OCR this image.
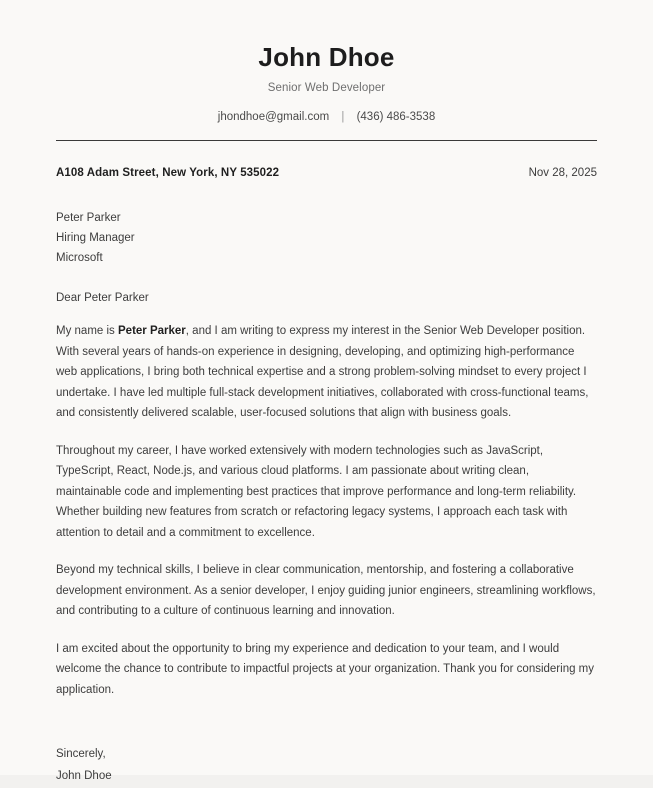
John Dhoe
Senior Web Developer
jhondhoe@gmail.com | (436) 486-3538
A108 Adam Street, New York, NY 535022	Nov 28, 2025
Peter Parker
Hiring Manager
Microsoft
Dear Peter Parker

My name is Peter Parker, and I am writing to express my interest in the Senior Web Developer position. With several years of hands-on experience in designing, developing, and optimizing high-performance web applications, I bring both technical expertise and a strong problem-solving mindset to every project I undertake. I have led multiple full-stack development initiatives, collaborated with cross-functional teams, and consistently delivered scalable, user-focused solutions that align with business goals.

Throughout my career, I have worked extensively with modern technologies such as JavaScript, TypeScript, React, Node.js, and various cloud platforms. I am passionate about writing clean, maintainable code and implementing best practices that improve performance and long-term reliability. Whether building new features from scratch or refactoring legacy systems, I approach each task with attention to detail and a commitment to excellence.

Beyond my technical skills, I believe in clear communication, mentorship, and fostering a collaborative development environment. As a senior developer, I enjoy guiding junior engineers, streamlining workflows, and contributing to a culture of continuous learning and innovation.

I am excited about the opportunity to bring my experience and dedication to your team, and I would welcome the chance to contribute to impactful projects at your organization. Thank you for considering my application.

Sincerely,
John Dhoe
